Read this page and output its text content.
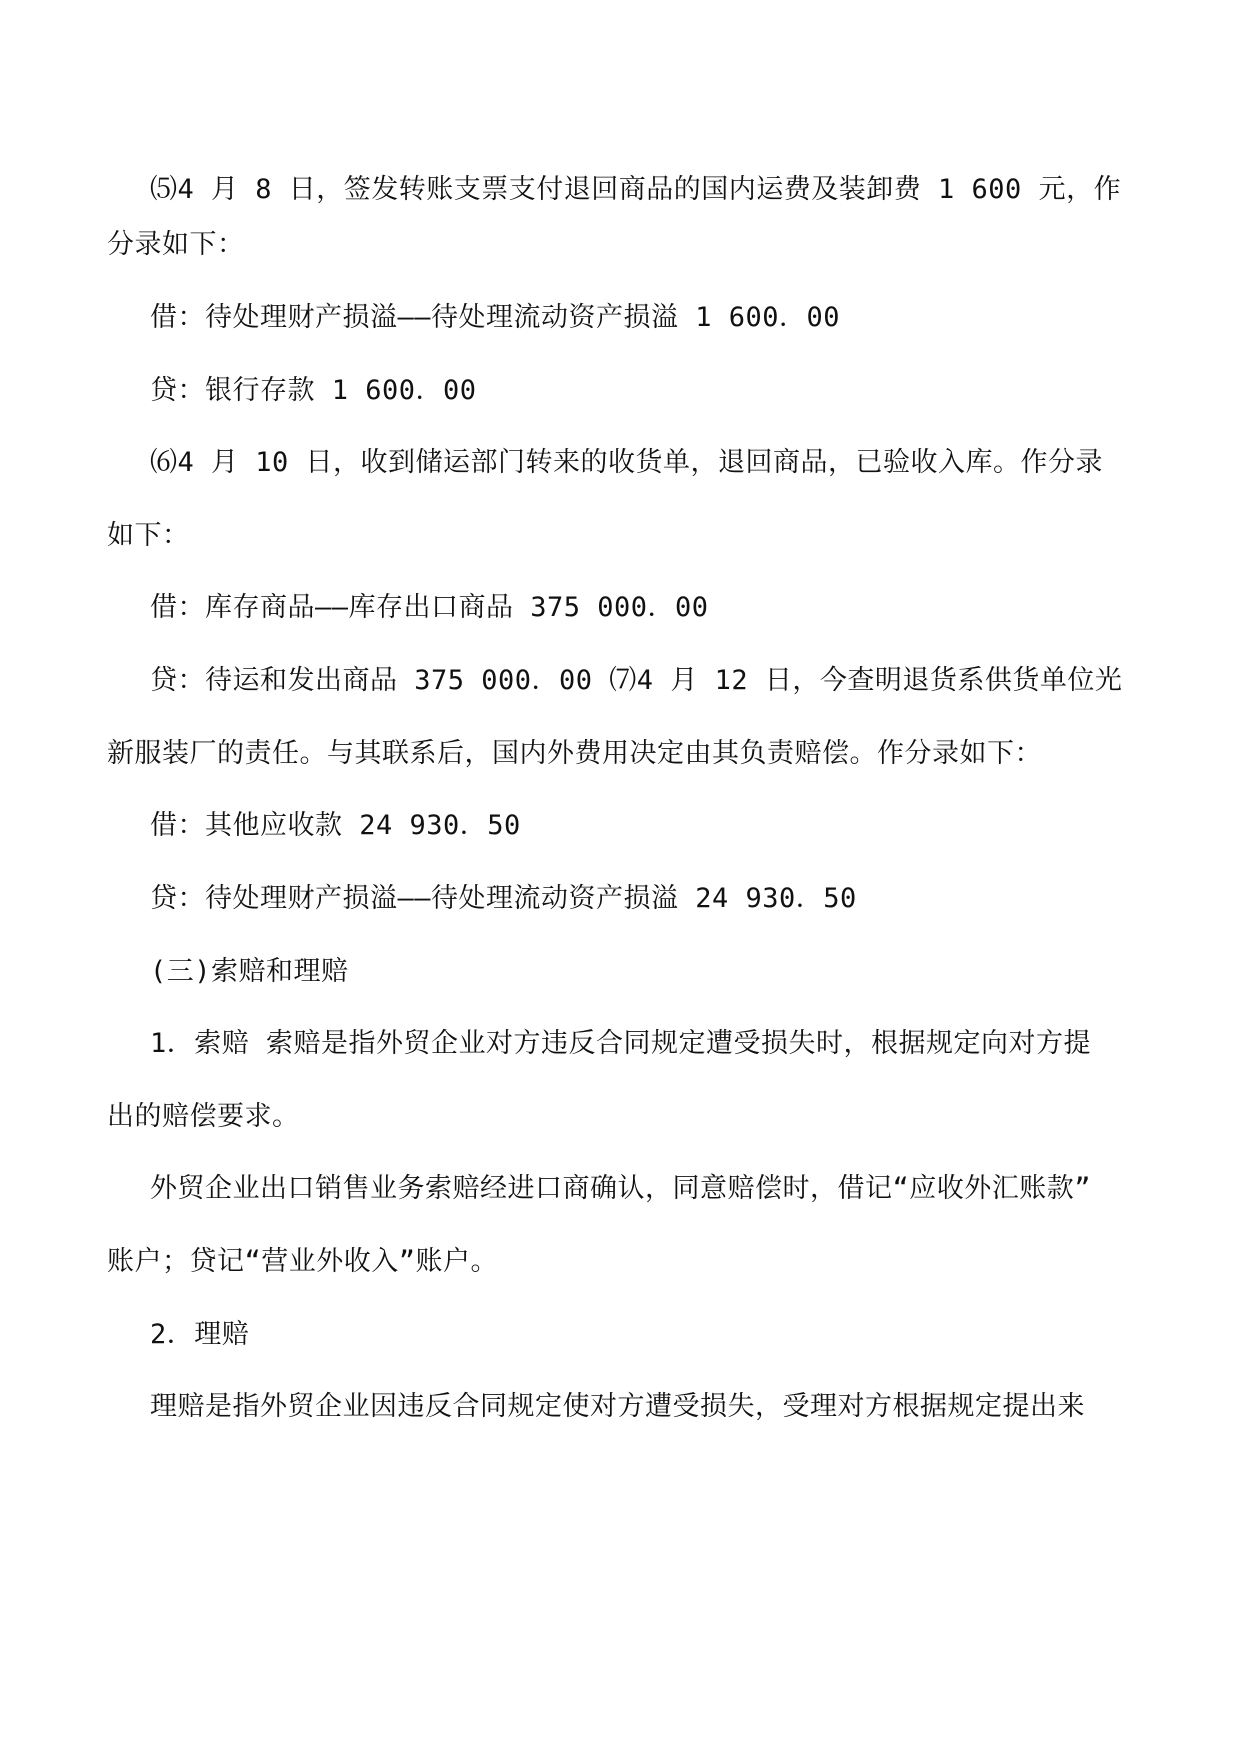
⑸4 月 8 日，签发转账支票支付退回商品的国内运费及装卸费 1 600 元，作
分录如下：
借：待处理财产损溢——待处理流动资产损溢 1 600．00
贷：银行存款 1 600．00
⑹4 月 10 日，收到储运部门转来的收货单，退回商品，已验收入库。作分录
如下：
借：库存商品——库存出口商品 375 000．00
贷：待运和发出商品 375 000．00 ⑺4 月 12 日，今查明退货系供货单位光
新服装厂的责任。与其联系后，国内外费用决定由其负责赔偿。作分录如下：
借：其他应收款 24 930．50
贷：待处理财产损溢——待处理流动资产损溢 24 930．50
(三)索赔和理赔
1．索赔 索赔是指外贸企业对方违反合同规定遭受损失时，根据规定向对方提
出的赔偿要求。
外贸企业出口销售业务索赔经进口商确认，同意赔偿时，借记“应收外汇账款”
账户；贷记“营业外收入”账户。
2．理赔
理赔是指外贸企业因违反合同规定使对方遭受损失，受理对方根据规定提出来
